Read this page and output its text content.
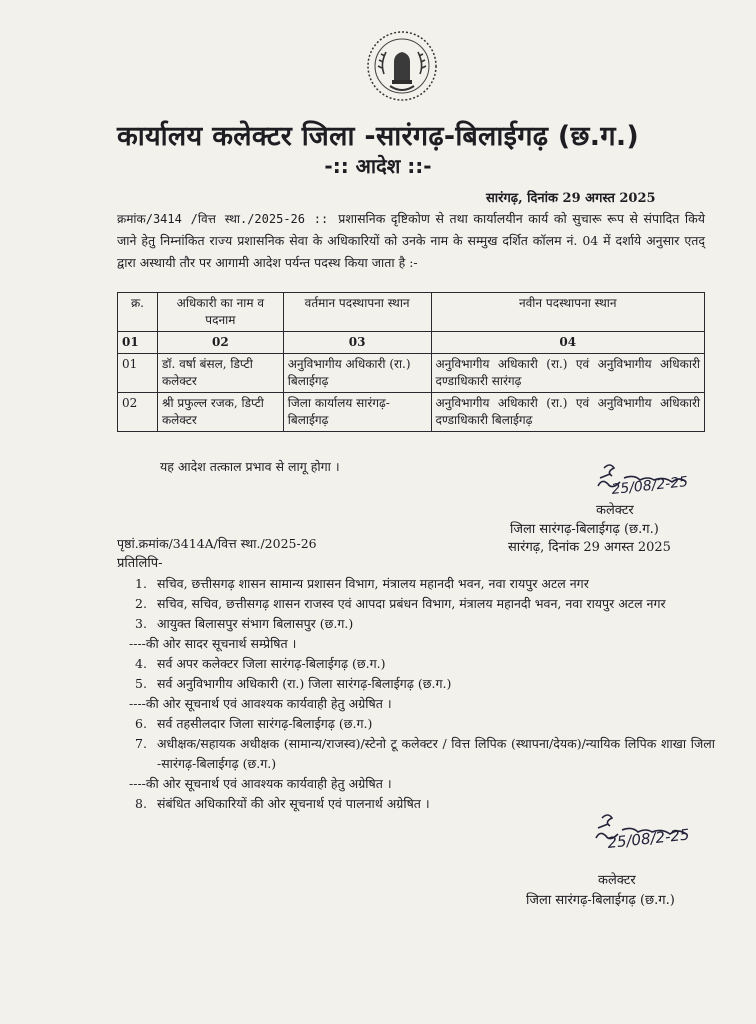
कार्यालय कलेक्टर जिला -सारंगढ़-बिलाईगढ़ (छ.ग.)
-:: आदेश ::-
सारंगढ़, दिनांक 29 अगस्त 2025
क्रमांक/3414 /वित्त स्था./2025-26 :: प्रशासनिक दृष्टिकोण से तथा कार्यालयीन कार्य को सुचारू रूप से संपादित किये जाने हेतु निम्नांकित राज्य प्रशासनिक सेवा के अधिकारियों को उनके नाम के सम्मुख दर्शित कॉलम नं. 04 में दर्शाये अनुसार एतद् द्वारा अस्थायी तौर पर आगामी आदेश पर्यन्त पदस्थ किया जाता है :-
क्र.	अधिकारी का नाम व पदनाम	वर्तमान पदस्थापना स्थान	नवीन पदस्थापना स्थान
01	02	03	04
01	डॉ. वर्षा बंसल, डिप्टी कलेक्टर	अनुविभागीय अधिकारी (रा.) बिलाईगढ़	अनुविभागीय अधिकारी (रा.) एवं अनुविभागीय अधिकारी दण्डाधिकारी सारंगढ़
02	श्री प्रफुल्ल रजक, डिप्टी कलेक्टर	जिला कार्यालय सारंगढ़-बिलाईगढ़	अनुविभागीय अधिकारी (रा.) एवं अनुविभागीय अधिकारी दण्डाधिकारी बिलाईगढ़
यह आदेश तत्काल प्रभाव से लागू होगा ।
25/08/2-25
कलेक्टर
जिला सारंगढ़-बिलाईगढ़ (छ.ग.)
पृष्ठां.क्रमांक/3414A/वित्त स्था./2025-26	सारंगढ़, दिनांक 29 अगस्त 2025
प्रतिलिपि-
1. सचिव, छत्तीसगढ़ शासन सामान्य प्रशासन विभाग, मंत्रालय महानदी भवन, नवा रायपुर अटल नगर
2. सचिव, सचिव, छत्तीसगढ़ शासन राजस्व एवं आपदा प्रबंधन विभाग, मंत्रालय महानदी भवन, नवा रायपुर अटल नगर
3. आयुक्त बिलासपुर संभाग बिलासपुर (छ.ग.)
----की ओर सादर सूचनार्थ सम्प्रेषित ।
4. सर्व अपर कलेक्टर जिला सारंगढ़-बिलाईगढ़ (छ.ग.)
5. सर्व अनुविभागीय अधिकारी (रा.) जिला सारंगढ़-बिलाईगढ़ (छ.ग.)
----की ओर सूचनार्थ एवं आवश्यक कार्यवाही हेतु अग्रेषित ।
6. सर्व तहसीलदार जिला सारंगढ़-बिलाईगढ़ (छ.ग.)
7. अधीक्षक/सहायक अधीक्षक (सामान्य/राजस्व)/स्टेनो टू कलेक्टर / वित्त लिपिक (स्थापना/देयक)/न्यायिक लिपिक शाखा जिला -सारंगढ़-बिलाईगढ़ (छ.ग.)
----की ओर सूचनार्थ एवं आवश्यक कार्यवाही हेतु अग्रेषित ।
8. संबंधित अधिकारियों की ओर सूचनार्थ एवं पालनार्थ अग्रेषित ।
25/08/2-25
कलेक्टर
जिला सारंगढ़-बिलाईगढ़ (छ.ग.)
